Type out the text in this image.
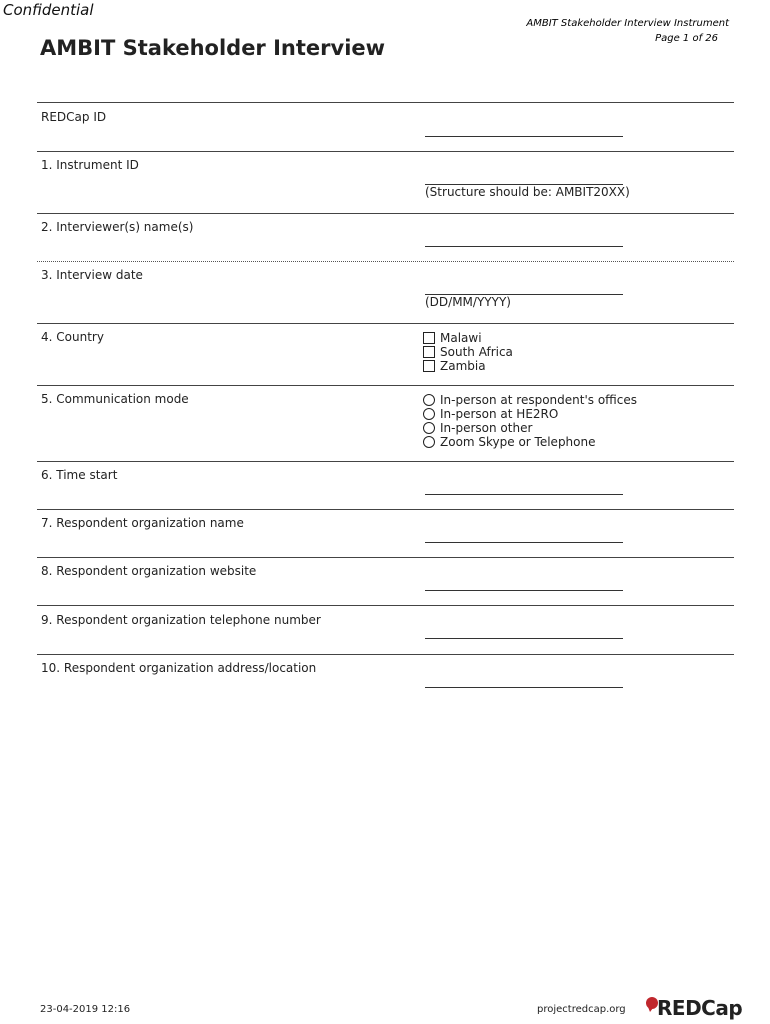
Confidential
AMBIT Stakeholder Interview Instrument
Page 1 of 26
AMBIT Stakeholder Interview
REDCap ID
1. Instrument ID
(Structure should be: AMBIT20XX)
2. Interviewer(s) name(s)
3. Interview date
(DD/MM/YYYY)
4. Country	Malawi
South Africa
Zambia
5. Communication mode	In-person at respondent's offices
In-person at HE2RO
In-person other
Zoom Skype or Telephone
6. Time start
7. Respondent organization name
8. Respondent organization website
9. Respondent organization telephone number
10. Respondent organization address/location
23-04-2019 12:16	projectredcap.org REDCap
